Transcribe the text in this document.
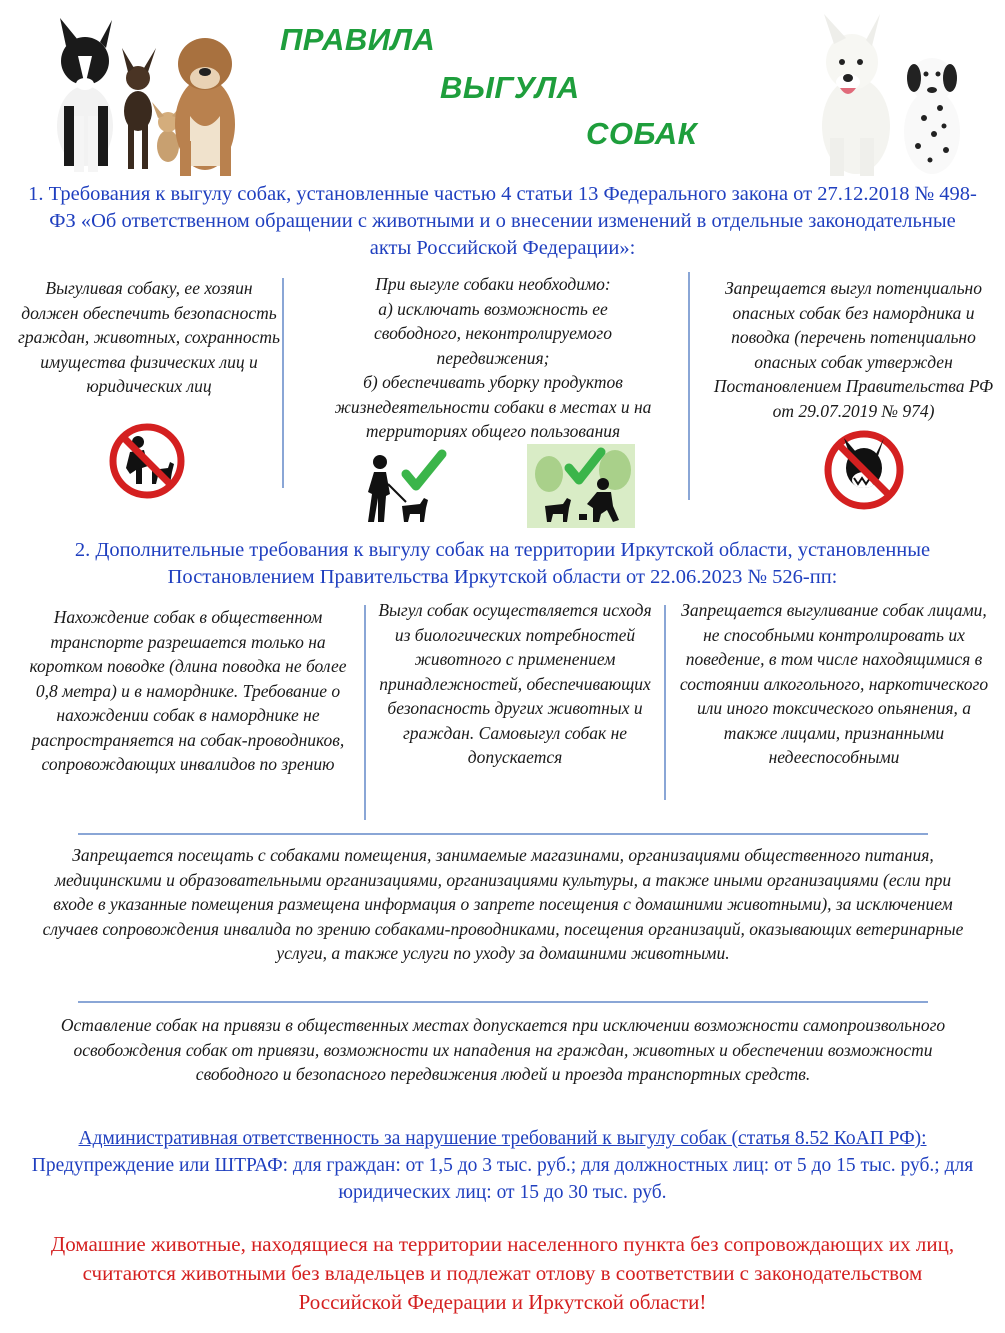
ПРАВИЛА
ВЫГУЛА
СОБАК
1. Требования к выгулу собак, установленные частью 4 статьи 13 Федерального закона от 27.12.2018 № 498-ФЗ «Об ответственном обращении с животными и о внесении изменений в отдельные законодательные акты Российской Федерации»:
Выгуливая собаку, ее хозяин должен обеспечить безопасность граждан, животных, сохранность имущества физических лиц и юридических лиц
При выгуле собаки необходимо:
а) исключать возможность ее свободного, неконтролируемого передвижения;
б) обеспечивать уборку продуктов жизнедеятельности собаки в местах и на территориях общего пользования
Запрещается выгул потенциально опасных собак без намордника и поводка (перечень потенциально опасных собак утвержден Постановлением Правительства РФ от 29.07.2019 № 974)
2. Дополнительные требования к выгулу собак на территории Иркутской области, установленные Постановлением Правительства Иркутской области от 22.06.2023 № 526-пп:
Нахождение собак в общественном транспорте разрешается только на коротком поводке (длина поводка не более 0,8 метра) и в наморднике. Требование о нахождении собак в наморднике не распространяется на собак-проводников, сопровождающих инвалидов по зрению
Выгул собак осуществляется исходя из биологических потребностей животного с применением принадлежностей, обеспечивающих безопасность других животных и граждан. Самовыгул собак не допускается
Запрещается выгуливание собак лицами, не способными контролировать их поведение, в том числе находящимися в состоянии алкогольного, наркотического или иного токсического опьянения, а также лицами, признанными недееспособными
Запрещается посещать с собаками помещения, занимаемые магазинами, организациями общественного питания, медицинскими и образовательными организациями, организациями культуры, а также иными организациями (если при входе в указанные помещения размещена информация о запрете посещения с домашними животными), за исключением случаев сопровождения инвалида по зрению собаками-проводниками, посещения организаций, оказывающих ветеринарные услуги, а также услуги по уходу за домашними животными.
Оставление собак на привязи в общественных местах допускается при исключении возможности самопроизвольного освобождения собак от привязи, возможности их нападения на граждан, животных и обеспечении возможности свободного и безопасного передвижения людей и проезда транспортных средств.
Административная ответственность за нарушение требований к выгулу собак (статья 8.52 КоАП РФ):
Предупреждение или ШТРАФ: для граждан: от 1,5 до 3 тыс. руб.; для должностных лиц: от 5 до 15 тыс. руб.; для юридических лиц: от 15 до 30 тыс. руб.
Домашние животные, находящиеся на территории населенного пункта без сопровождающих их лиц, считаются животными без владельцев и подлежат отлову в соответствии с законодательством Российской Федерации и Иркутской области!
